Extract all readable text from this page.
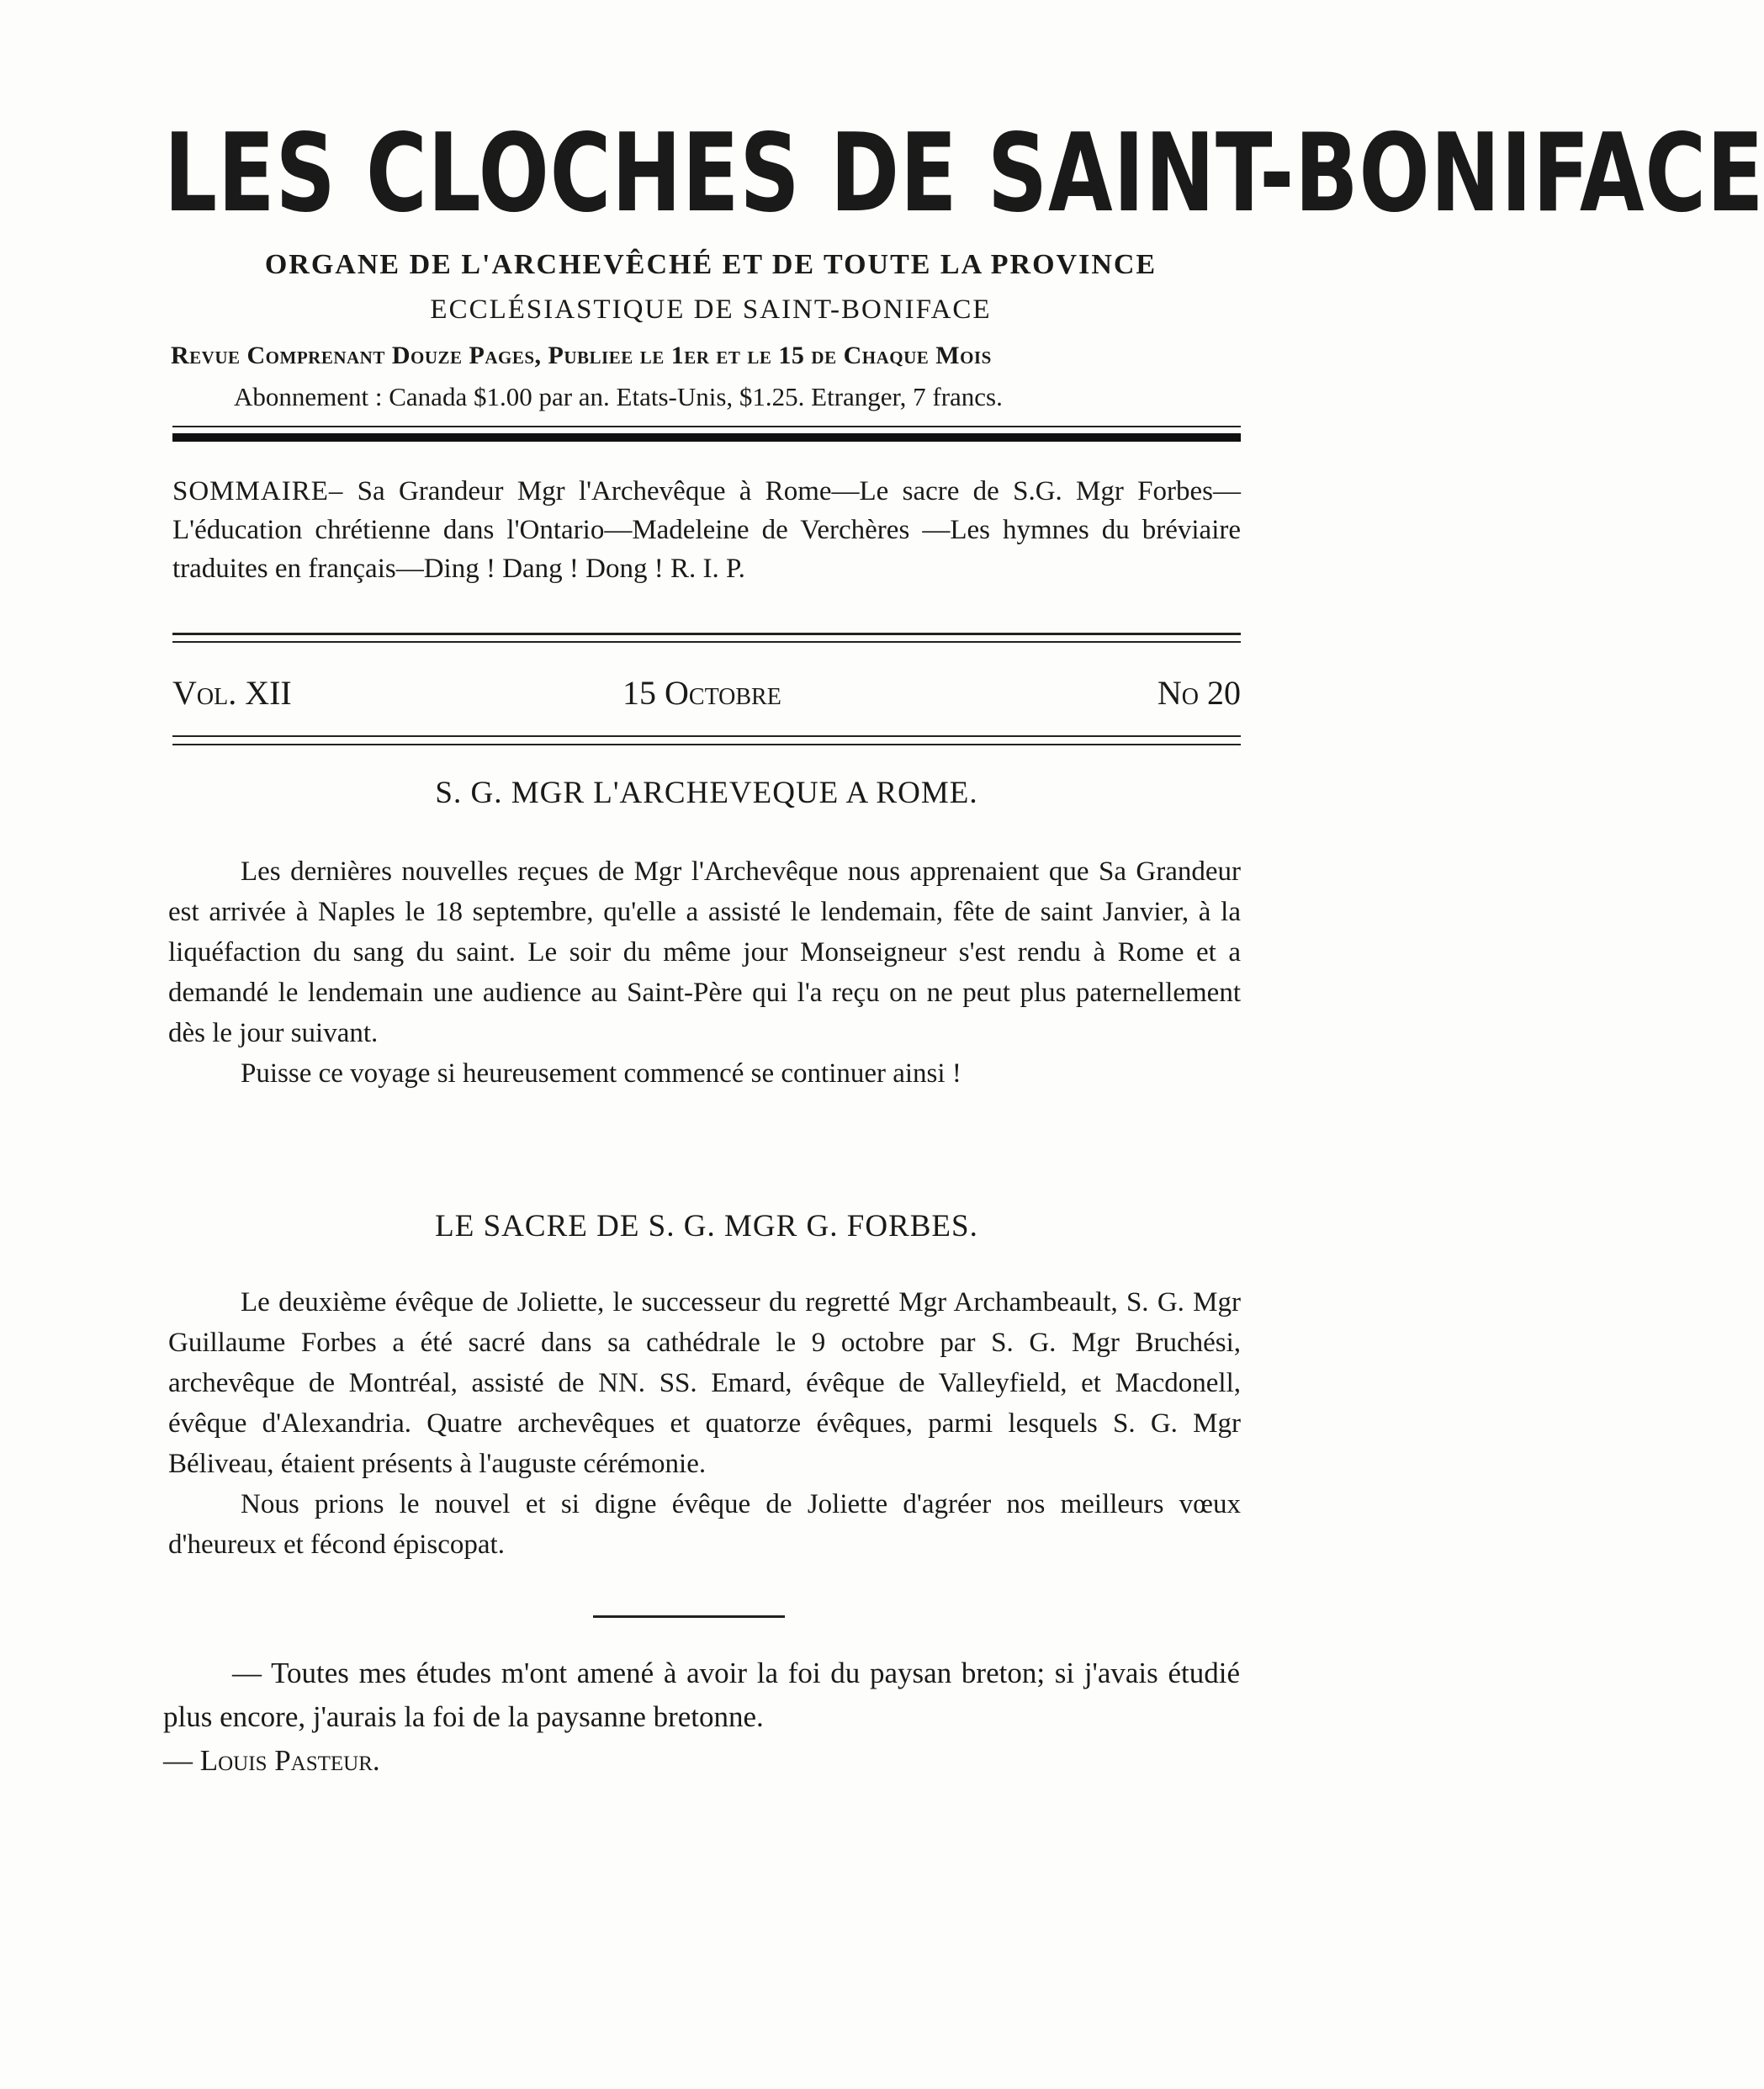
LES CLOCHES DE SAINT-BONIFACE
ORGANE DE L'ARCHEVÊCHÉ ET DE TOUTE LA PROVINCE
ECCLÉSIASTIQUE DE SAINT-BONIFACE
Revue Comprenant Douze Pages, Publiee le 1er et le 15 de Chaque Mois
Abonnement : Canada $1.00 par an. Etats-Unis, $1.25. Etranger, 7 francs.
SOMMAIRE– Sa Grandeur Mgr l'Archevêque à Rome—Le sacre de S.G. Mgr Forbes—L'éducation chrétienne dans l'Ontario—Madeleine de Verchères —Les hymnes du bréviaire traduites en français—Ding ! Dang ! Dong ! R. I. P.
Vol. XII	15 Octobre	No 20
S. G. MGR L'ARCHEVEQUE A ROME.

Les dernières nouvelles reçues de Mgr l'Archevêque nous apprenaient que Sa Grandeur est arrivée à Naples le 18 septembre, qu'elle a assisté le lendemain, fête de saint Janvier, à la liquéfaction du sang du saint. Le soir du même jour Monseigneur s'est rendu à Rome et a demandé le lendemain une audience au Saint-Père qui l'a reçu on ne peut plus paternellement dès le jour suivant.

Puisse ce voyage si heureusement commencé se continuer ainsi !

LE SACRE DE S. G. MGR G. FORBES.

Le deuxième évêque de Joliette, le successeur du regretté Mgr Archambeault, S. G. Mgr Guillaume Forbes a été sacré dans sa cathédrale le 9 octobre par S. G. Mgr Bruchési, archevêque de Montréal, assisté de NN. SS. Emard, évêque de Valleyfield, et Macdonell, évêque d'Alexandria. Quatre archevêques et quatorze évêques, parmi lesquels S. G. Mgr Béliveau, étaient présents à l'auguste cérémonie.

Nous prions le nouvel et si digne évêque de Joliette d'agréer nos meilleurs vœux d'heureux et fécond épiscopat.

— Toutes mes études m'ont amené à avoir la foi du paysan breton; si j'avais étudié plus encore, j'aurais la foi de la paysanne bretonne.

— Louis Pasteur.
